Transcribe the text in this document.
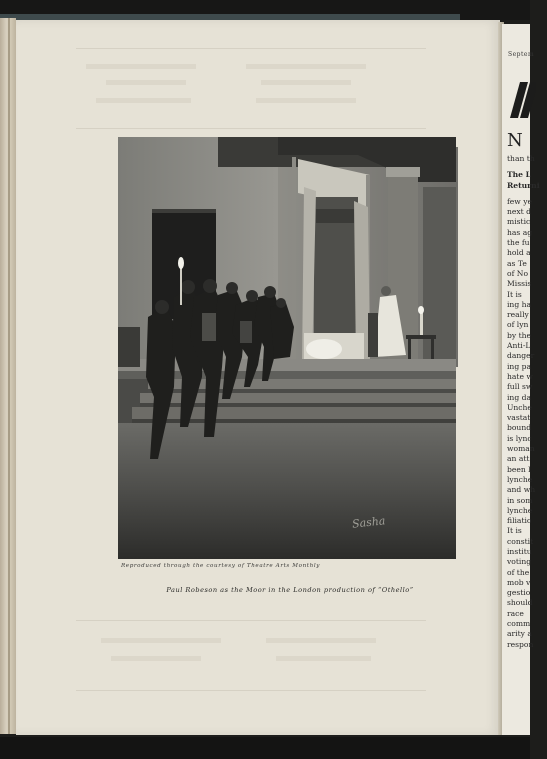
Sasha
Reproduced through the courtesy of Theatre Arts Monthly
Paul Robeson as the Moor in the London production of “Othello”
Septem
N
than th
The L
Returni
few ye
next d
mistic
has ag
the fu
hold a
as Te
of No
Missis
It is
ing ha
really
of lyn
by the
Anti-L
danger
ing pa
hate w
full sw
ing da
Unche
vastat
bound
is lync
woman
an att
been l
lynche
and wh
in som
lynche
filiatio
It is
constit
institu
voting
of the
mob v
gestio
should
race
comm
arity a
respon
